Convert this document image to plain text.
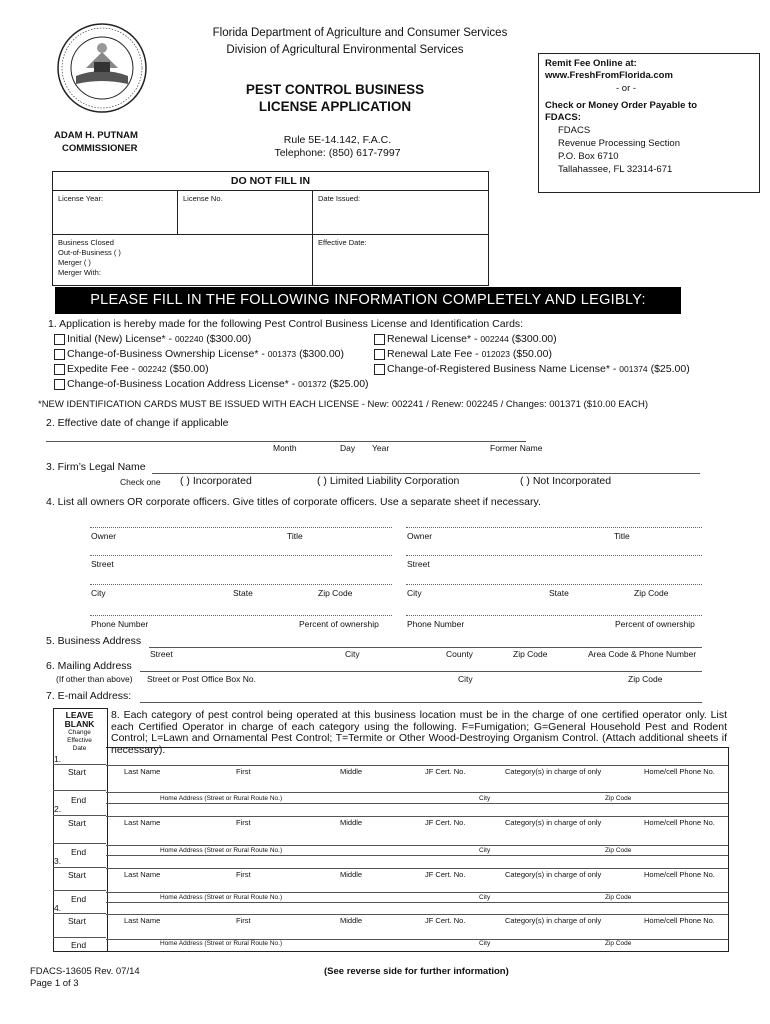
Florida Department of Agriculture and Consumer Services
Division of Agricultural Environmental Services
PEST CONTROL BUSINESS
LICENSE APPLICATION
ADAM H. PUTNAM
COMMISSIONER
Rule 5E-14.142, F.A.C.
Telephone: (850) 617-7997
Remit Fee Online at:
www.FreshFromFlorida.com
- or -
Check or Money Order Payable to
FDACS:
FDACS
Revenue Processing Section
P.O. Box 6710
Tallahassee, FL 32314-671
DO NOT FILL IN
License Year:	License No.	Date Issued:
Business Closed
Out-of-Business ( )
Merger ( )
Merger With:
Effective Date:
PLEASE FILL IN THE FOLLOWING INFORMATION COMPLETELY AND LEGIBLY:
1. Application is hereby made for the following Pest Control Business License and Identification Cards:
Initial (New) License* - 002240 ($300.00)	Renewal License* - 002244 ($300.00)
Change-of-Business Ownership License* - 001373 ($300.00)	Renewal Late Fee - 012023 ($50.00)
Expedite Fee - 002242 ($50.00)	Change-of-Registered Business Name License* - 001374 ($25.00)
Change-of-Business Location Address License* - 001372 ($25.00)
*NEW IDENTIFICATION CARDS MUST BE ISSUED WITH EACH LICENSE - New: 002241 / Renew: 002245 / Changes: 001371 ($10.00 EACH)
2. Effective date of change if applicable
Month	Day Year	Former Name
3. Firm’s Legal Name
Check one ( ) Incorporated	( ) Limited Liability Corporation	( ) Not Incorporated
4. List all owners OR corporate officers. Give titles of corporate officers. Use a separate sheet if necessary.
Owner	Title	Owner	Title
Street	Street
City	State	Zip Code	City	State	Zip Code
Phone Number	Percent of ownership	Phone Number	Percent of ownership
5. Business Address
Street	City	County	Zip Code	Area Code & Phone Number
6. Mailing Address
(If other than above) Street or Post Office Box No.	City	Zip Code
7. E-mail Address:
LEAVE
BLANK
Change
Effective
Date
8. Each category of pest control being operated at this business location must be in the charge of one certified operator only. List each Certified Operator in charge of each category using the following. F=Fumigation; G=General Household Pest and Rodent Control; L=Lawn and Ornamental Pest Control; T=Termite or Other Wood-Destroying Organism Control. (Attach additional sheets if necessary).
1.
Start	Last Name	First	Middle	JF Cert. No.	Category(s) in charge of only	Home/cell Phone No.
End	Home Address (Street or Rural Route No.)	City	Zip Code
2.
Start	Last Name	First	Middle	JF Cert. No.	Category(s) in charge of only	Home/cell Phone No.
End	Home Address (Street or Rural Route No.)	City	Zip Code
3.
Start	Last Name	First	Middle	JF Cert. No.	Category(s) in charge of only	Home/cell Phone No.
End	Home Address (Street or Rural Route No.)	City	Zip Code
4.
Start	Last Name	First	Middle	JF Cert. No.	Category(s) in charge of only	Home/cell Phone No.
End	Home Address (Street or Rural Route No.)	City	Zip Code
FDACS-13605 Rev. 07/14
Page 1 of 3
(See reverse side for further information)
